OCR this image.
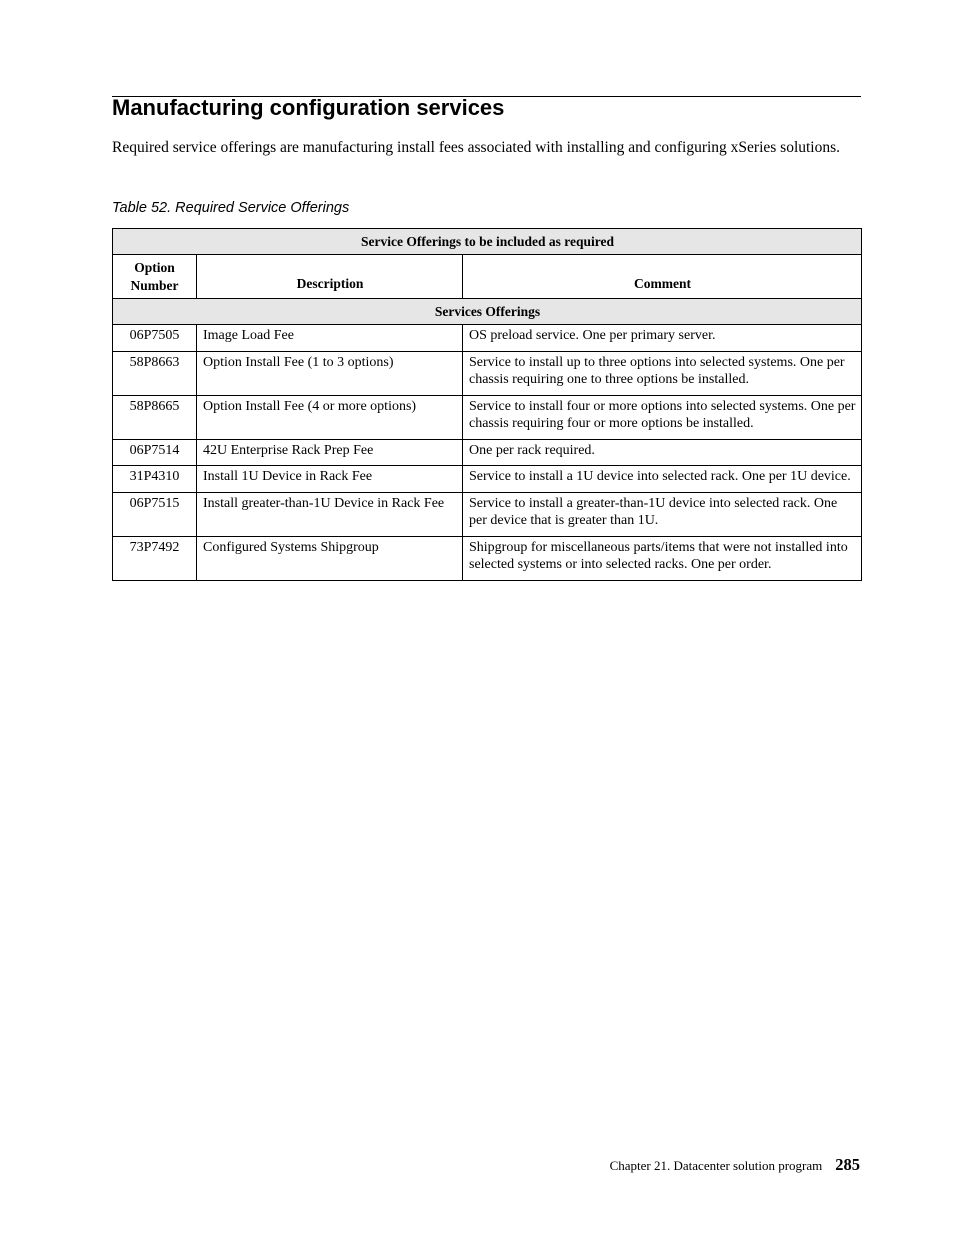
Manufacturing configuration services

Required service offerings are manufacturing install fees associated with installing and configuring xSeries solutions.

Table 52. Required Service Offerings

Service Offerings to be included as required		
Option Number	Description	Comment
Services Offerings		
06P7505	Image Load Fee	OS preload service. One per primary server.
58P8663	Option Install Fee (1 to 3 options)	Service to install up to three options into selected systems. One per chassis requiring one to three options be installed.
58P8665	Option Install Fee (4 or more options)	Service to install four or more options into selected systems. One per chassis requiring four or more options be installed.
06P7514	42U Enterprise Rack Prep Fee	One per rack required.
31P4310	Install 1U Device in Rack Fee	Service to install a 1U device into selected rack. One per 1U device.
06P7515	Install greater-than-1U Device in Rack Fee	Service to install a greater-than-1U device into selected rack. One per device that is greater than 1U.
73P7492	Configured Systems Shipgroup	Shipgroup for miscellaneous parts/items that were not installed into selected systems or into selected racks. One per order.
Chapter 21. Datacenter solution program 285
